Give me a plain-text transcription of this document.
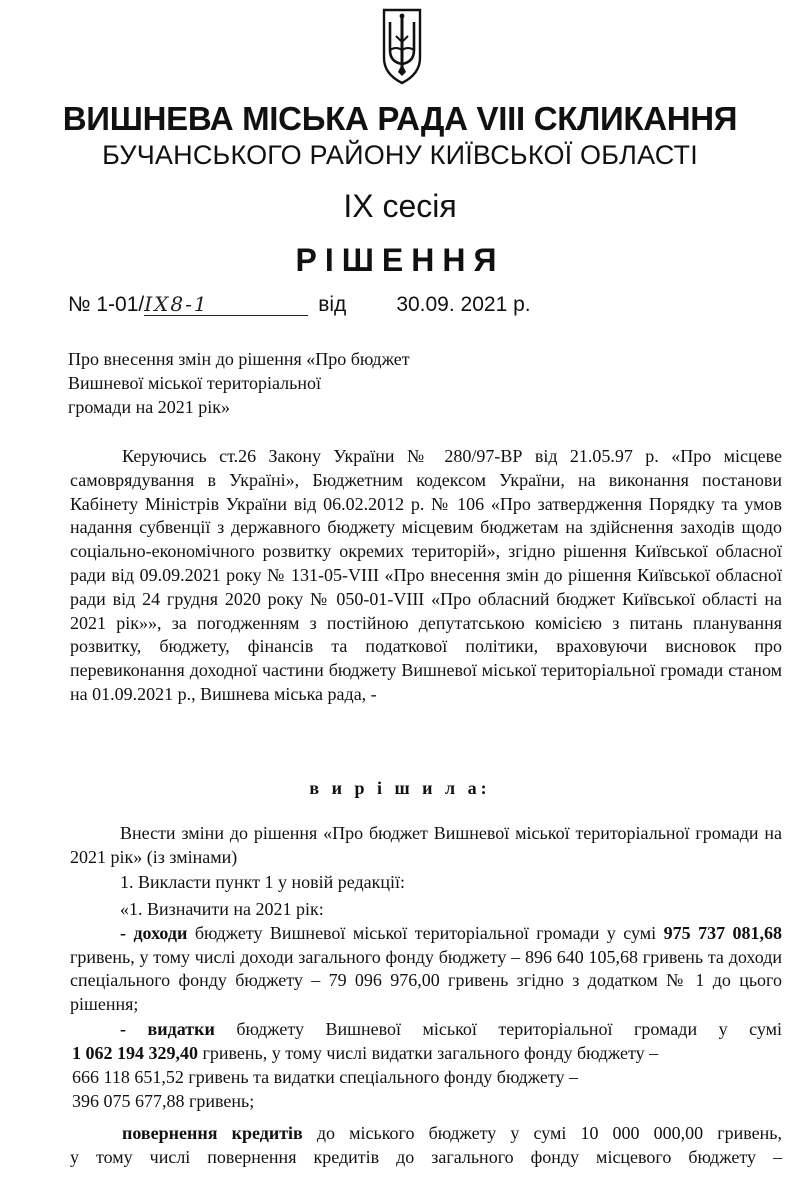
ВИШНЕВА МІСЬКА РАДА VIII СКЛИКАННЯ
БУЧАНСЬКОГО РАЙОНУ КИЇВСЬКОЇ ОБЛАСТІ
ІХ сесія
РІШЕННЯ
№ 1-01/IX8-1	від 30.09. 2021 р.
Про внесення змін до рішення «Про бюджет
Вишневої міської територіальної
громади на 2021 рік»
Керуючись ст.26 Закону України № 280/97-ВР від 21.05.97 р. «Про місцеве самоврядування в Україні», Бюджетним кодексом України, на виконання постанови Кабінету Міністрів України від 06.02.2012 р. № 106 «Про затвердження Порядку та умов надання субвенції з державного бюджету місцевим бюджетам на здійснення заходів щодо соціально-економічного розвитку окремих територій», згідно рішення Київської обласної ради від 09.09.2021 року № 131-05-VIII «Про внесення змін до рішення Київської обласної ради від 24 грудня 2020 року № 050-01-VIII «Про обласний бюджет Київської області на 2021 рік»», за погодженням з постійною депутатською комісією з питань планування розвитку, бюджету, фінансів та податкової політики, враховуючи висновок про перевиконання доходної частини бюджету Вишневої міської територіальної громади станом на 01.09.2021 р., Вишнева міська рада, -
в и р і ш и л а:
Внести зміни до рішення «Про бюджет Вишневої міської територіальної громади на 2021 рік» (із змінами)
1. Викласти пункт 1 у новій редакції:
«1. Визначити на 2021 рік:

- доходи бюджету Вишневої міської територіальної громади у сумі 975 737 081,68 гривень, у тому числі доходи загального фонду бюджету – 896 640 105,68 гривень та доходи спеціального фонду бюджету – 79 096 976,00 гривень згідно з додатком № 1 до цього рішення;

- видатки бюджету Вишневої міської територіальної громади у сумі

1 062 194 329,40 гривень, у тому числі видатки загального фонду бюджету –
666 118 651,52 гривень та видатки спеціального фонду бюджету –
396 075 677,88 гривень;

повернення кредитів до міського бюджету у сумі 10 000 000,00 гривень,

у тому числі повернення кредитів до загального фонду місцевого бюджету –
